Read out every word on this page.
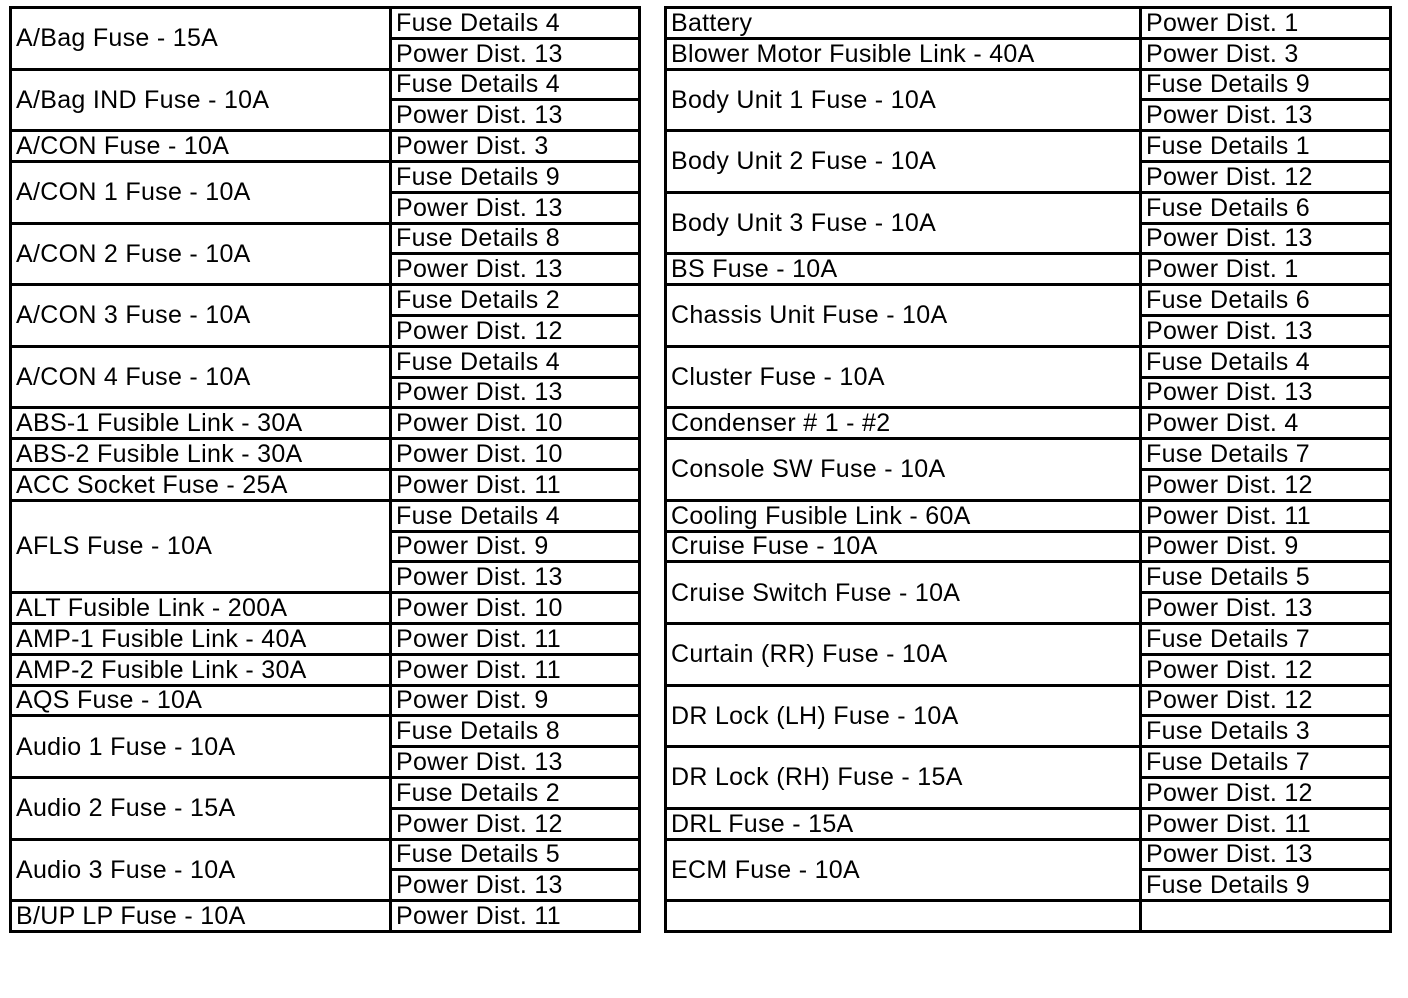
A/Bag Fuse - 15A	Fuse Details 4
	Power Dist. 13
A/Bag IND Fuse - 10A	Fuse Details 4
	Power Dist. 13
A/CON Fuse - 10A	Power Dist. 3
A/CON 1 Fuse - 10A	Fuse Details 9
	Power Dist. 13
A/CON 2 Fuse - 10A	Fuse Details 8
	Power Dist. 13
A/CON 3 Fuse - 10A	Fuse Details 2
	Power Dist. 12
A/CON 4 Fuse - 10A	Fuse Details 4
	Power Dist. 13
ABS-1 Fusible Link - 30A	Power Dist. 10
ABS-2 Fusible Link - 30A	Power Dist. 10
ACC Socket Fuse - 25A	Power Dist. 11
AFLS Fuse - 10A	Fuse Details 4
	Power Dist. 9
	Power Dist. 13
ALT Fusible Link - 200A	Power Dist. 10
AMP-1 Fusible Link - 40A	Power Dist. 11
AMP-2 Fusible Link - 30A	Power Dist. 11
AQS Fuse - 10A	Power Dist. 9
Audio 1 Fuse - 10A	Fuse Details 8
	Power Dist. 13
Audio 2 Fuse - 15A	Fuse Details 2
	Power Dist. 12
Audio 3 Fuse - 10A	Fuse Details 5
	Power Dist. 13
B/UP LP Fuse - 10A	Power Dist. 11
Battery	Power Dist. 1
Blower Motor Fusible Link - 40A	Power Dist. 3
Body Unit 1 Fuse - 10A	Fuse Details 9
	Power Dist. 13
Body Unit 2 Fuse - 10A	Fuse Details 1
	Power Dist. 12
Body Unit 3 Fuse - 10A	Fuse Details 6
	Power Dist. 13
BS Fuse - 10A	Power Dist. 1
Chassis Unit Fuse - 10A	Fuse Details 6
	Power Dist. 13
Cluster Fuse - 10A	Fuse Details 4
	Power Dist. 13
Condenser # 1 - #2	Power Dist. 4
Console SW Fuse - 10A	Fuse Details 7
	Power Dist. 12
Cooling Fusible Link - 60A	Power Dist. 11
Cruise Fuse - 10A	Power Dist. 9
Cruise Switch Fuse - 10A	Fuse Details 5
	Power Dist. 13
Curtain (RR) Fuse - 10A	Fuse Details 7
	Power Dist. 12
DR Lock (LH) Fuse - 10A	Power Dist. 12
	Fuse Details 3
DR Lock (RH) Fuse - 15A	Fuse Details 7
	Power Dist. 12
DRL Fuse - 15A	Power Dist. 11
ECM Fuse - 10A	Power Dist. 13
	Fuse Details 9
